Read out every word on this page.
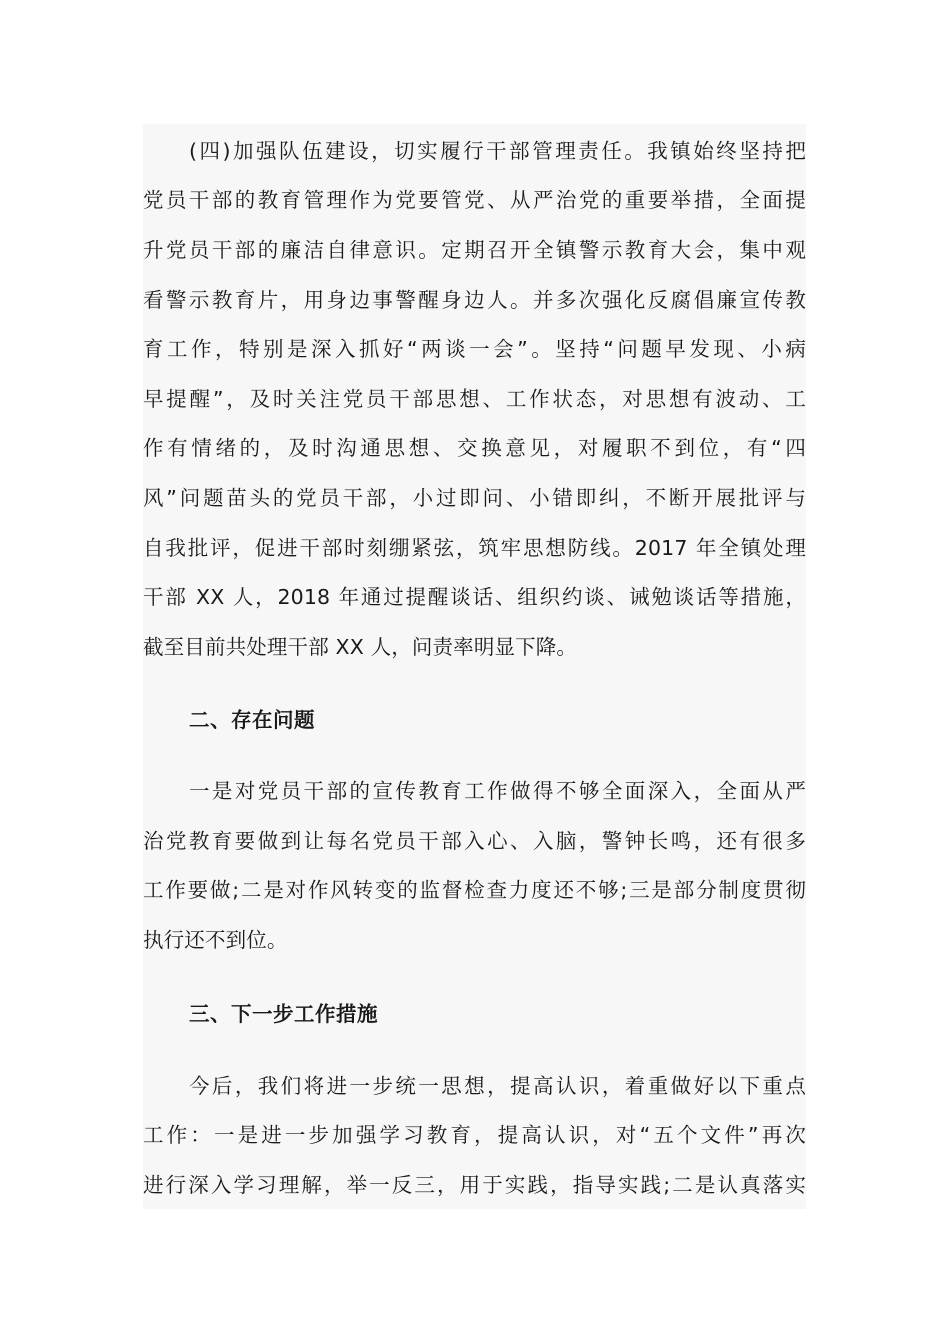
(四)加强队伍建设，切实履行干部管理责任。我镇始终坚持把
党员干部的教育管理作为党要管党、从严治党的重要举措，全面提
升党员干部的廉洁自律意识。定期召开全镇警示教育大会，集中观
看警示教育片，用身边事警醒身边人。并多次强化反腐倡廉宣传教
育工作，特别是深入抓好“两谈一会”。坚持“问题早发现、小病
早提醒”，及时关注党员干部思想、工作状态，对思想有波动、工
作有情绪的，及时沟通思想、交换意见，对履职不到位，有“四
风”问题苗头的党员干部，小过即问、小错即纠，不断开展批评与
自我批评，促进干部时刻绷紧弦，筑牢思想防线。2017 年全镇处理
干部 XX 人，2018 年通过提醒谈话、组织约谈、诫勉谈话等措施，
截至目前共处理干部 XX 人，问责率明显下降。
二、存在问题
一是对党员干部的宣传教育工作做得不够全面深入，全面从严
治党教育要做到让每名党员干部入心、入脑，警钟长鸣，还有很多
工作要做;二是对作风转变的监督检查力度还不够;三是部分制度贯彻
执行还不到位。
三、下一步工作措施
今后，我们将进一步统一思想，提高认识，着重做好以下重点
工作：一是进一步加强学习教育，提高认识，对“五个文件”再次
进行深入学习理解，举一反三，用于实践，指导实践;二是认真落实
